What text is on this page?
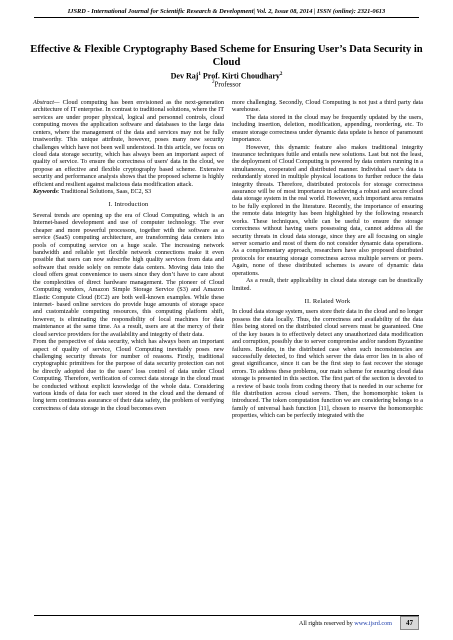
IJSRD - International Journal for Scientific Research & Development| Vol. 2, Issue 08, 2014 | ISSN (online): 2321-0613
Effective & Flexible Cryptography Based Scheme for Ensuring User’s Data Security in Cloud
Dev Raj$^1$ Prof. Kirti Choudhary$^2$
$^2$Professor

Abstract— Cloud computing has been envisioned as the next-generation architecture of IT enterprise. In contrast to traditional solutions, where the IT services are under proper physical, logical and personnel controls, cloud computing moves the application software and databases to the large data centers, where the management of the data and services may not be fully trustworthy. This unique attribute, however, poses many new security challenges which have not been well understood. In this article, we focus on cloud data storage security, which has always been an important aspect of quality of service. To ensure the correctness of users' data in the cloud, we propose an effective and flexible cryptography based scheme. Extensive security and performance analysis shows that the proposed scheme is highly efficient and resilient against malicious data modification attack.

Keywords: Traditional Solutions, Saas, EC2, S3

I. Introduction

Several trends are opening up the era of Cloud Computing, which is an Internet-based development and use of computer technology. The ever cheaper and more powerful processors, together with the software as a service (SaaS) computing architecture, are transforming data centers into pools of computing service on a huge scale. The increasing network bandwidth and reliable yet flexible network connections make it even possible that users can now subscribe high quality services from data and software that reside solely on remote data centers. Moving data into the cloud offers great convenience to users since they don’t have to care about the complexities of direct hardware management. The pioneer of Cloud Computing vendors, Amazon Simple Storage Service (S3) and Amazon Elastic Compute Cloud (EC2) are both well-known examples. While these internet- based online services do provide huge amounts of storage space and customizable computing resources, this computing platform shift, however, is eliminating the responsibility of local machines for data maintenance at the same time. As a result, users are at the mercy of their cloud service providers for the availability and integrity of their data.

From the perspective of data security, which has always been an important aspect of quality of service, Cloud Computing inevitably poses new challenging security threats for number of reasons. Firstly, traditional cryptographic primitives for the purpose of data security protection can not be directly adopted due to the users’ loss control of data under Cloud Computing. Therefore, verification of correct data storage in the cloud must be conducted without explicit knowledge of the whole data. Considering various kinds of data for each user stored in the cloud and the demand of long term continuous assurance of their data safety, the problem of verifying correctness of data storage in the cloud becomes even

more challenging. Secondly, Cloud Computing is not just a third party data warehouse.

The data stored in the cloud may be frequently updated by the users, including insertion, deletion, modification, appending, reordering, etc. To ensure storage correctness under dynamic data update is hence of paramount importance.

However, this dynamic feature also makes traditional integrity insurance techniques futile and entails new solutions. Last but not the least, the deployment of Cloud Computing is powered by data centers running in a simultaneous, cooperated and distributed manner. Individual user’s data is redundantly stored in multiple physical locations to further reduce the data integrity threats. Therefore, distributed protocols for storage correctness assurance will be of most importance in achieving a robust and secure cloud data storage system in the real world. However, such important area remains to be fully explored in the literature. Recently, the importance of ensuring the remote data integrity has been highlighted by the following research works. These techniques, while can be useful to ensure the storage correctness without having users possessing data, cannot address all the security threats in cloud data storage, since they are all focusing on single server scenario and most of them do not consider dynamic data operations. As a complementary approach, researchers have also proposed distributed protocols for ensuring storage correctness across multiple servers or peers. Again, none of these distributed schemes is aware of dynamic data operations.

As a result, their applicability in cloud data storage can be drastically limited.

II. Related Work

In cloud data storage system, users store their data in the cloud and no longer possess the data locally. Thus, the correctness and availability of the data files being stored on the distributed cloud servers must be guaranteed. One of the key issues is to effectively detect any unauthorized data modification and corruption, possibly due to server compromise and/or random Byzantine failures. Besides, in the distributed case when such inconsistencies are successfully detected, to find which server the data error lies in is also of great significance, since it can be the first step to fast recover the storage errors. To address these problems, our main scheme for ensuring cloud data storage is presented in this section. The first part of the section is devoted to a review of basic tools from coding theory that is needed in our scheme for file distribution across cloud servers. Then, the homomorphic token is introduced. The token computation function we are considering belongs to a family of universal hash function [11], chosen to reserve the homomorphic properties, which can be perfectly integrated with the

All rights reserved by www.ijsrd.com	47
